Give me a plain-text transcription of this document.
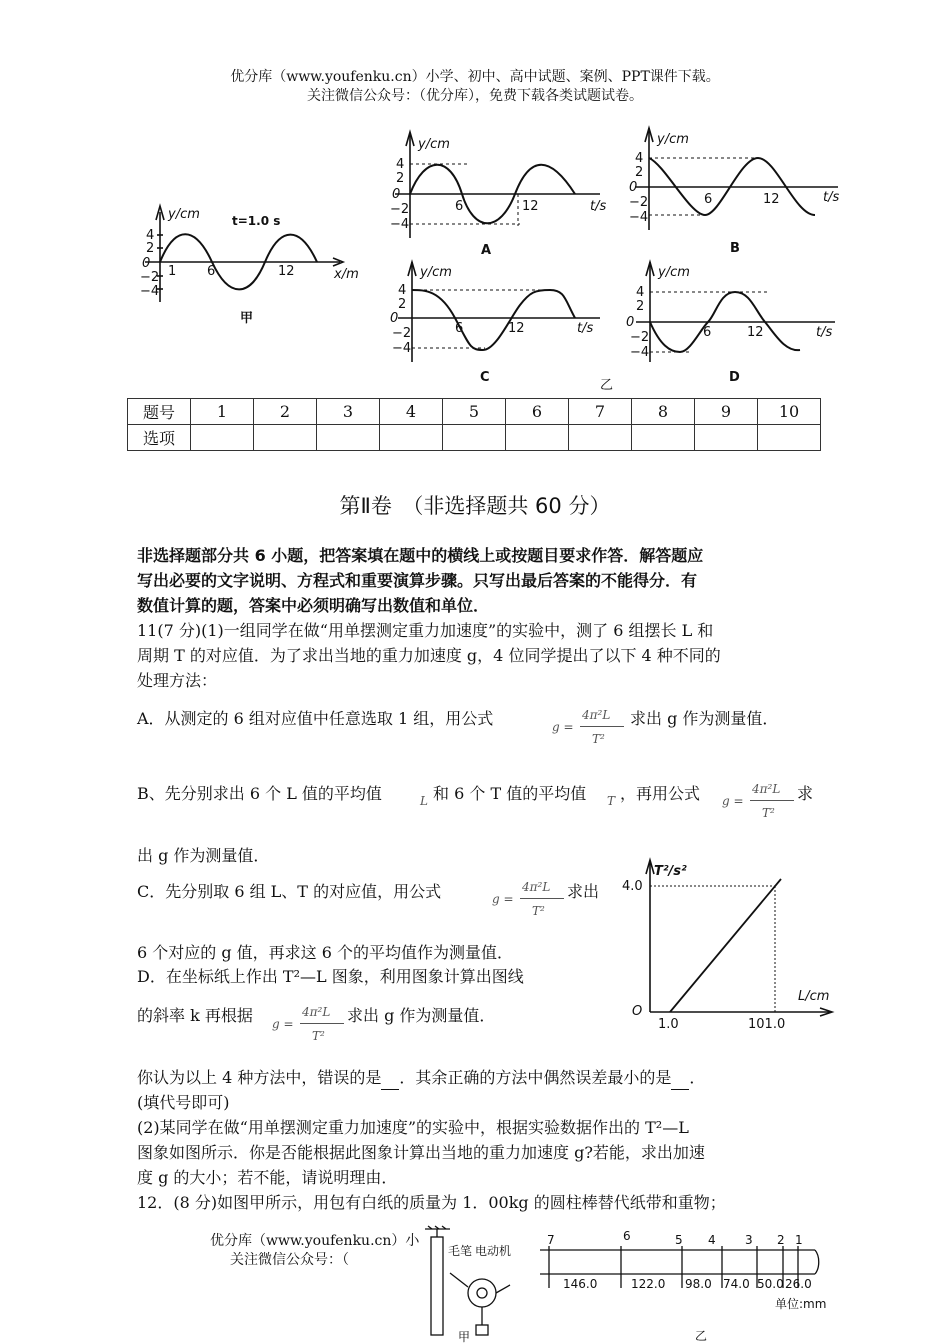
优分库（www.youfenku.cn）小学、初中、高中试题、案例、PPT课件下载。
关注微信公众号：（优分库），免费下载各类试题试卷。
y/cm	t=1.0 s
4
2
0
−2
−4
1 6	12	x/m
甲
y/cm
4
2
0
−2
−4
6	12	t/s
A
y/cm
4
2
0
−2
−4
6	12	t/s
B
y/cm
4
2
0
−2
−4
6	12	t/s
C
y/cm
4
2
0
−2
−4
6	12	t/s
D
乙
题号	1	2	3	4	5	6	7	8	9	10
选项										
第Ⅱ卷　（非选择题共 60 分）
非选择题部分共 6 小题，把答案填在题中的横线上或按题目要求作答．解答题应
写出必要的文字说明、方程式和重要演算步骤。只写出最后答案的不能得分．有
数值计算的题，答案中必须明确写出数值和单位．
11(7 分)(1)一组同学在做“用单摆测定重力加速度”的实验中，测了 6 组摆长 L 和
周期 T 的对应值．为了求出当地的重力加速度 g，4 位同学提出了以下 4 种不同的
处理方法：
A．从测定的 6 组对应值中任意选取 1 组，用公式	g =
4π²L
T²
求出 g 作为测量值．
B、先分别求出 6 个 L 值的平均值	L 和 6 个 T 值的平均值 T ，再用公式 g =
4π²L
T²
求
出 g 作为测量值．
C．先分别取 6 组 L、T 的对应值，用公式	g =
4π²L
T²
求出
6 个对应的 g 值，再求这 6 个的平均值作为测量值．
D．在坐标纸上作出 T²—L 图象，利用图象计算出图线
的斜率 k 再根据 g =
4π²L
T²
求出 g 作为测量值．
T²/s²
4.0
L/cm
O
1.0	101.0
你认为以上 4 种方法中，错误的是 ．其余正确的方法中偶然误差最小的是 ．
(填代号即可)
(2)某同学在做“用单摆测定重力加速度”的实验中，根据实验数据作出的 T²—L
图象如图所示．你是否能根据此图象计算出当地的重力加速度 g?若能，求出加速
度 g 的大小；若不能，请说明理由．
12．(8 分)如图甲所示，用包有白纸的质量为 1．00kg 的圆柱棒替代纸带和重物；
优分库（www.youfenku.cn）小
关注微信公众号：（
毛笔 电动机
甲
7	6	5 4 3 2 1
146.0	122.0 98.0 74.0 50.0 26.0
单位:mm
乙
